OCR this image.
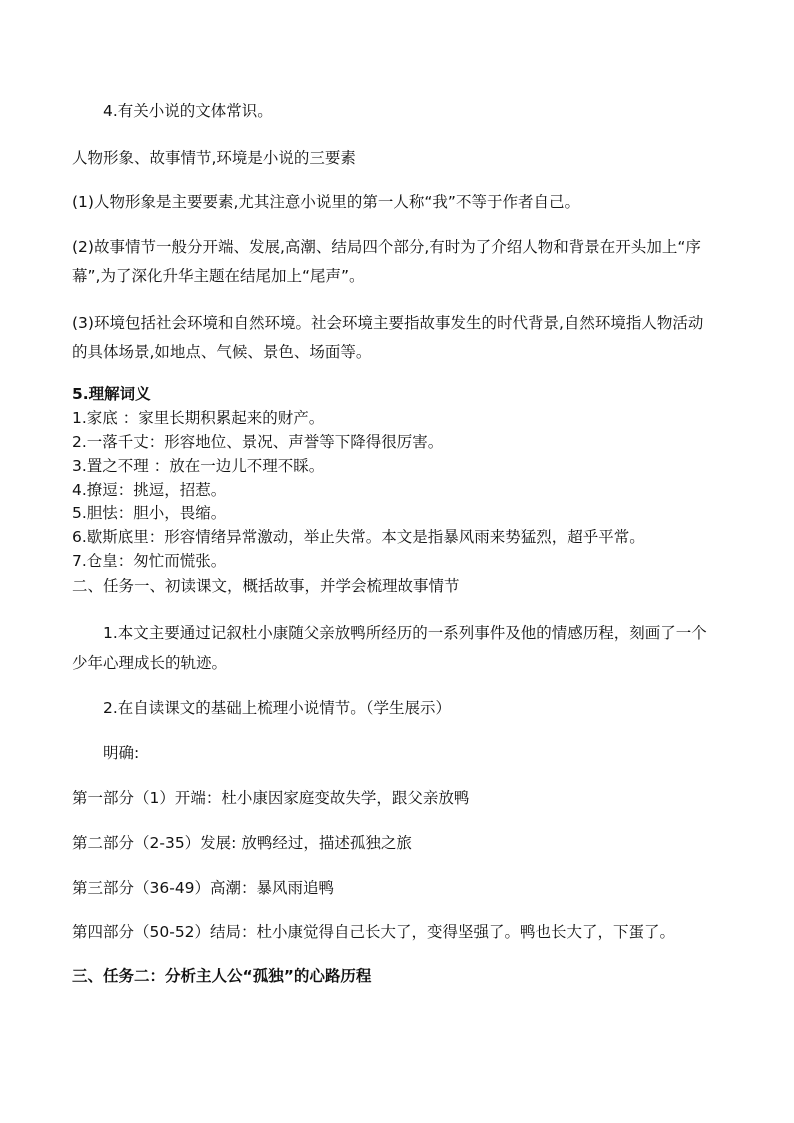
4.有关小说的文体常识。
人物形象、故事情节,环境是小说的三要素
(1)人物形象是主要要素,尤其注意小说里的第一人称“我”不等于作者自己。
(2)故事情节一般分开端、发展,高潮、结局四个部分,有时为了介绍人物和背景在开头加上“序
幕”,为了深化升华主题在结尾加上“尾声”。
(3)环境包括社会环境和自然环境。社会环境主要指故事发生的时代背景,自然环境指人物活动
的具体场景,如地点、气候、景色、场面等。
5.理解词义
1.家底 ：家里长期积累起来的财产。
2.一落千丈：形容地位、景况、声誉等下降得很厉害。
3.置之不理 ：放在一边儿不理不睬。
4.撩逗：挑逗，招惹。
5.胆怯：胆小，畏缩。
6.歇斯底里：形容情绪异常激动，举止失常。本文是指暴风雨来势猛烈，超乎平常。
7.仓皇：匆忙而慌张。
二、任务一、初读课文，概括故事，并学会梳理故事情节
1.本文主要通过记叙杜小康随父亲放鸭所经历的一系列事件及他的情感历程，刻画了一个
少年心理成长的轨迹。
2.在自读课文的基础上梳理小说情节。（学生展示）
明确:
第一部分（1）开端：杜小康因家庭变故失学，跟父亲放鸭
第二部分（2-35）发展: 放鸭经过，描述孤独之旅
第三部分（36-49）高潮：暴风雨追鸭
第四部分（50-52）结局：杜小康觉得自己长大了，变得坚强了。鸭也长大了，下蛋了。
三、任务二：分析主人公“孤独”的心路历程
